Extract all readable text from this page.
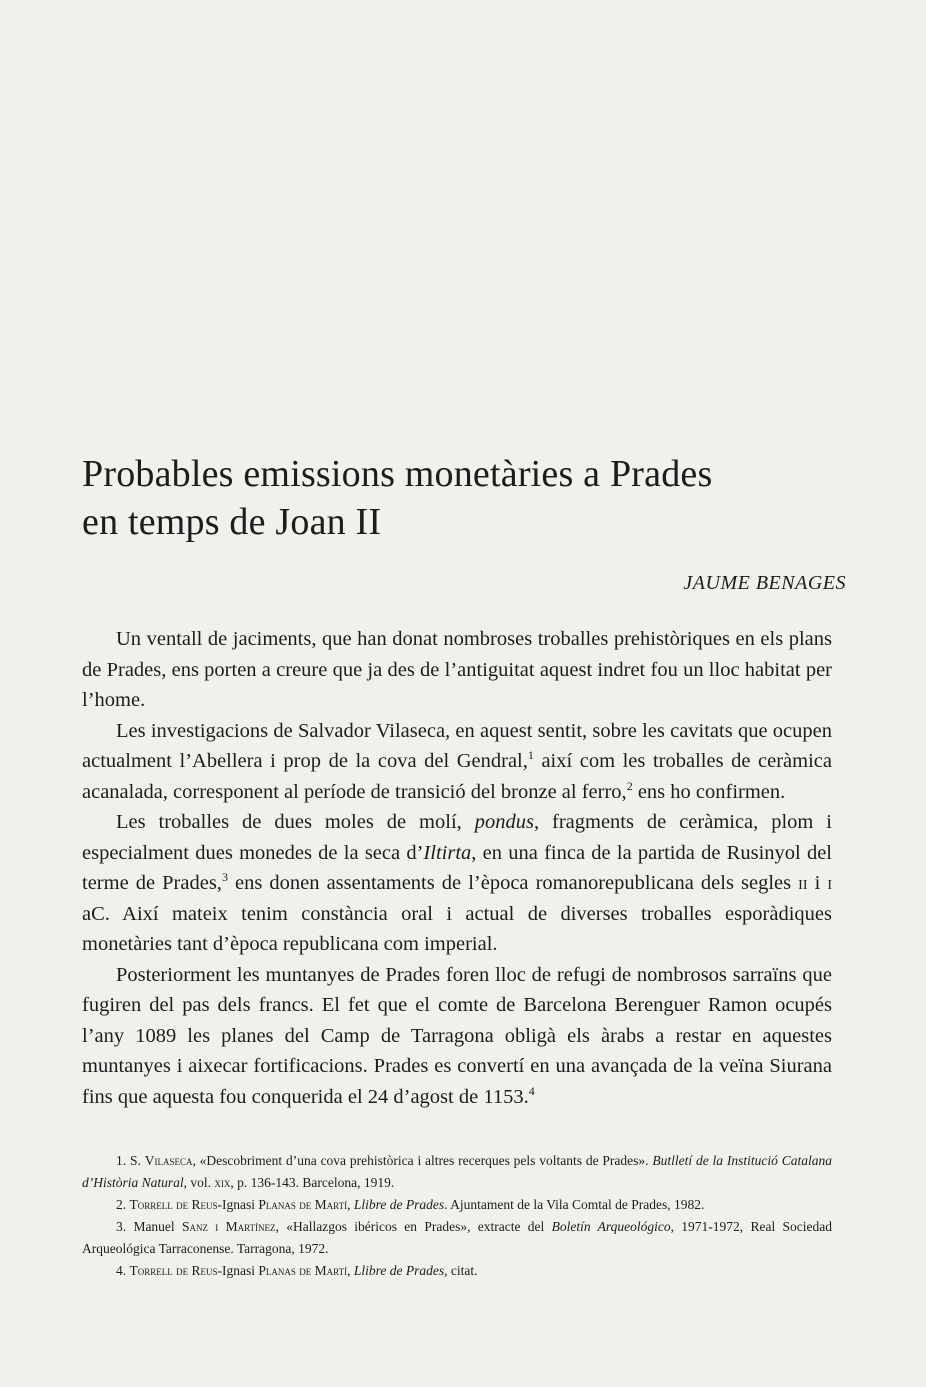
Probables emissions monetàries a Prades
en temps de Joan II
JAUME BENAGES

Un ventall de jaciments, que han donat nombroses troballes prehistòriques en els plans de Prades, ens porten a creure que ja des de l’antiguitat aquest indret fou un lloc habitat per l’home.

Les investigacions de Salvador Vilaseca, en aquest sentit, sobre les cavitats que ocupen actualment l’Abellera i prop de la cova del Gendral,$^1$ així com les troballes de ceràmica acanalada, corresponent al període de transició del bronze al ferro,$^2$ ens ho confirmen.

Les troballes de dues moles de molí, pondus, fragments de ceràmica, plom i especialment dues monedes de la seca d’Iltirta, en una finca de la partida de Rusinyol del terme de Prades,$^3$ ens donen assentaments de l’època romanorepublicana dels segles ii i i aC. Així mateix tenim constància oral i actual de diverses troballes esporàdiques monetàries tant d’època republicana com imperial.

Posteriorment les muntanyes de Prades foren lloc de refugi de nombrosos sarraïns que fugiren del pas dels francs. El fet que el comte de Barcelona Berenguer Ramon ocupés l’any 1089 les planes del Camp de Tarragona obligà els àrabs a restar en aquestes muntanyes i aixecar fortificacions. Prades es convertí en una avançada de la veïna Siurana fins que aquesta fou conquerida el 24 d’agost de 1153.$^4$

1. S. Vilaseca, «Descobriment d’una cova prehistòrica i altres recerques pels voltants de Prades». Butlletí de la Institució Catalana d’Història Natural, vol. xix, p. 136-143. Barcelona, 1919.

2. Torrell de Reus-Ignasi Planas de Martí, Llibre de Prades. Ajuntament de la Vila Comtal de Prades, 1982.

3. Manuel Sanz i Martínez, «Hallazgos ibéricos en Prades», extracte del Boletín Arqueológico, 1971-1972, Real Sociedad Arqueológica Tarraconense. Tarragona, 1972.

4. Torrell de Reus-Ignasi Planas de Martí, Llibre de Prades, citat.
